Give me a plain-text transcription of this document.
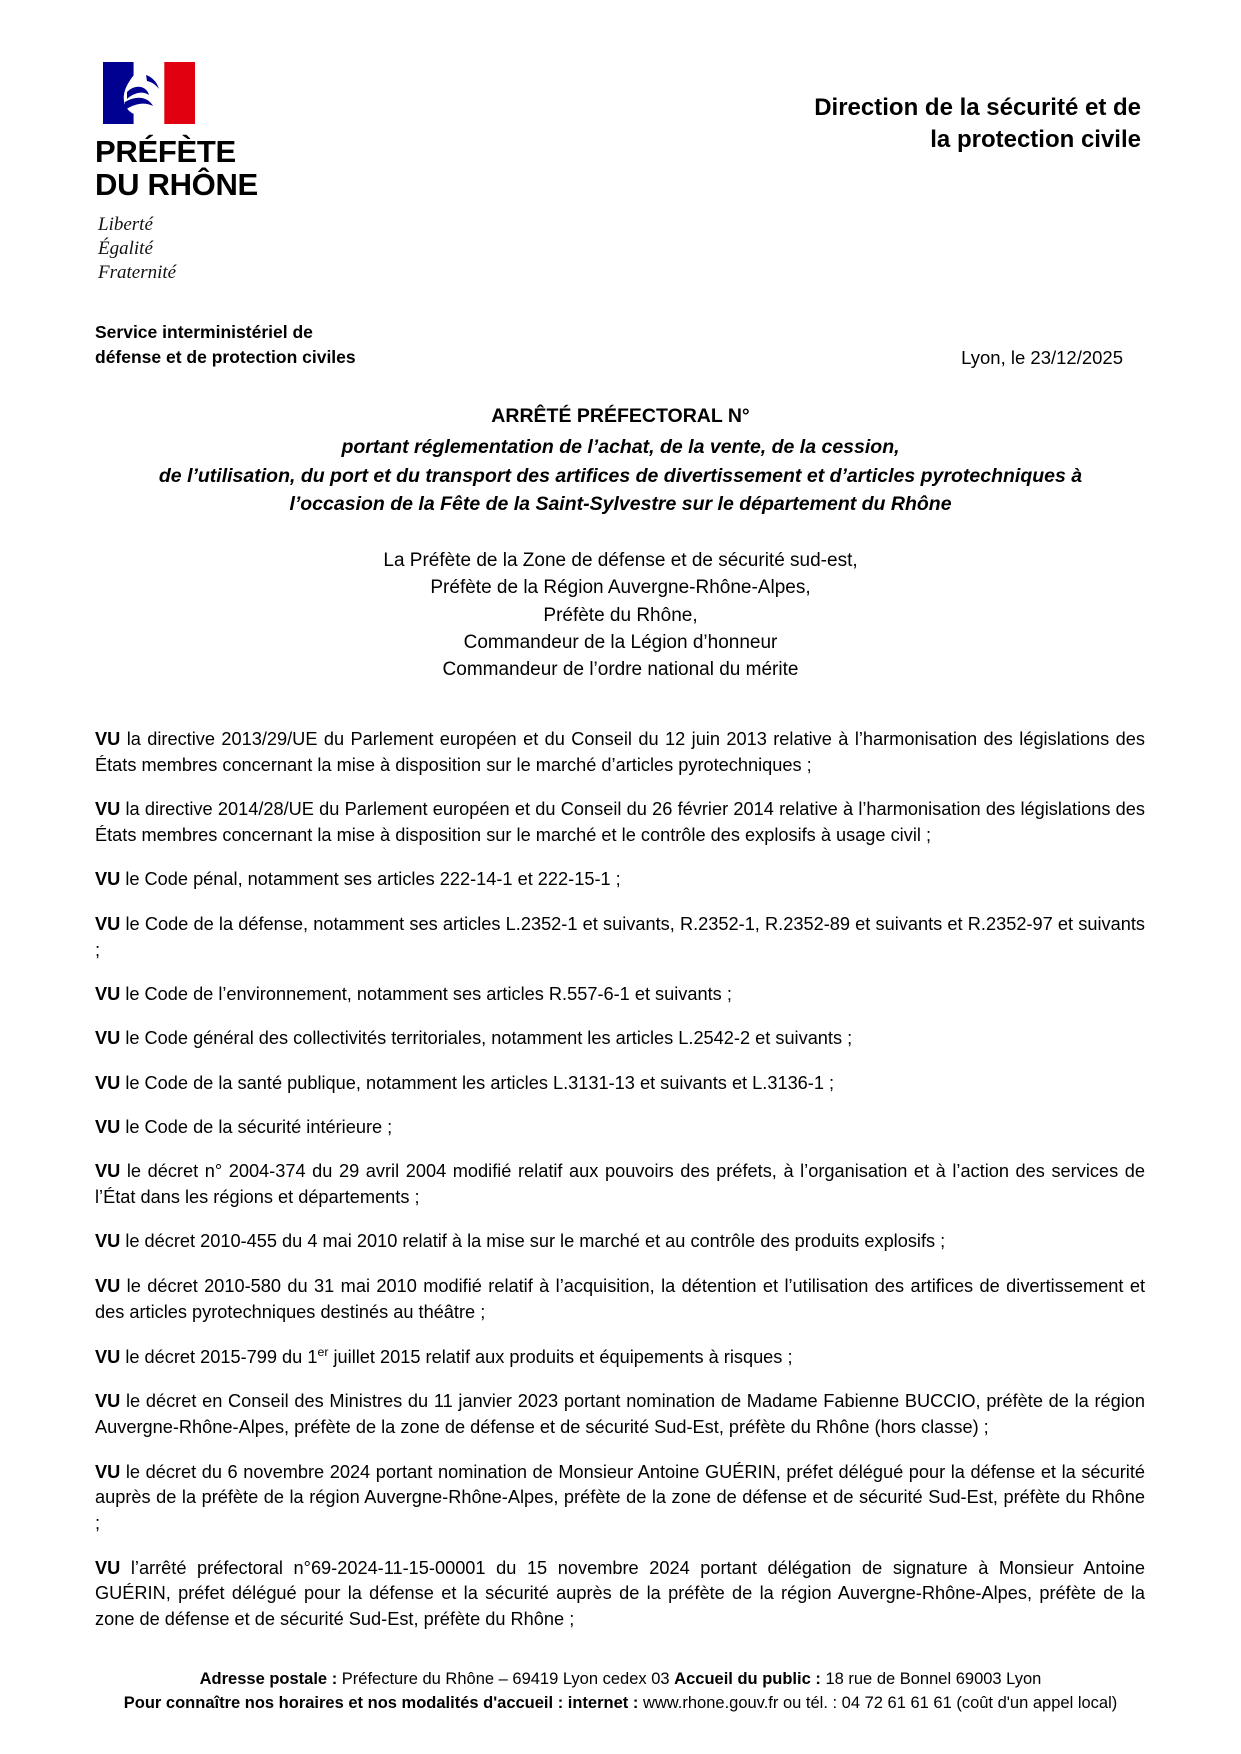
PRÉFÈTE
DU RHÔNE
Liberté
Égalité
Fraternité
Direction de la sécurité et de
la protection civile
Service interministériel de
défense et de protection civiles	Lyon, le 23/12/2025
ARRÊTÉ PRÉFECTORAL N°
portant réglementation de l’achat, de la vente, de la cession,
de l’utilisation, du port et du transport des artifices de divertissement et d’articles pyrotechniques à
l’occasion de la Fête de la Saint-Sylvestre sur le département du Rhône
La Préfète de la Zone de défense et de sécurité sud-est,
Préfète de la Région Auvergne-Rhône-Alpes,
Préfète du Rhône,
Commandeur de la Légion d’honneur
Commandeur de l’ordre national du mérite

VU la directive 2013/29/UE du Parlement européen et du Conseil du 12 juin 2013 relative à l’harmonisation des législations des États membres concernant la mise à disposition sur le marché d’articles pyrotechniques ;

VU la directive 2014/28/UE du Parlement européen et du Conseil du 26 février 2014 relative à l’harmonisation des législations des États membres concernant la mise à disposition sur le marché et le contrôle des explosifs à usage civil ;

VU le Code pénal, notamment ses articles 222-14-1 et 222-15-1 ;

VU le Code de la défense, notamment ses articles L.2352-1 et suivants, R.2352-1, R.2352-89 et suivants et R.2352-97 et suivants ;

VU le Code de l’environnement, notamment ses articles R.557-6-1 et suivants ;

VU le Code général des collectivités territoriales, notamment les articles L.2542-2 et suivants ;

VU le Code de la santé publique, notamment les articles L.3131-13 et suivants et L.3136-1 ;

VU le Code de la sécurité intérieure ;

VU le décret n° 2004-374 du 29 avril 2004 modifié relatif aux pouvoirs des préfets, à l’organisation et à l’action des services de l’État dans les régions et départements ;

VU le décret 2010-455 du 4 mai 2010 relatif à la mise sur le marché et au contrôle des produits explosifs ;

VU le décret 2010-580 du 31 mai 2010 modifié relatif à l’acquisition, la détention et l’utilisation des artifices de divertissement et des articles pyrotechniques destinés au théâtre ;

VU le décret 2015-799 du 1er juillet 2015 relatif aux produits et équipements à risques ;

VU le décret en Conseil des Ministres du 11 janvier 2023 portant nomination de Madame Fabienne BUCCIO, préfète de la région Auvergne-Rhône-Alpes, préfète de la zone de défense et de sécurité Sud-Est, préfète du Rhône (hors classe) ;

VU le décret du 6 novembre 2024 portant nomination de Monsieur Antoine GUÉRIN, préfet délégué pour la défense et la sécurité auprès de la préfète de la région Auvergne-Rhône-Alpes, préfète de la zone de défense et de sécurité Sud-Est, préfète du Rhône ;

VU l’arrêté préfectoral n°69-2024-11-15-00001 du 15 novembre 2024 portant délégation de signature à Monsieur Antoine GUÉRIN, préfet délégué pour la défense et la sécurité auprès de la préfète de la région Auvergne-Rhône-Alpes, préfète de la zone de défense et de sécurité Sud-Est, préfète du Rhône ;

Adresse postale : Préfecture du Rhône – 69419 Lyon cedex 03 Accueil du public : 18 rue de Bonnel 69003 Lyon
Pour connaître nos horaires et nos modalités d'accueil : internet : www.rhone.gouv.fr ou tél. : 04 72 61 61 61 (coût d'un appel local)
